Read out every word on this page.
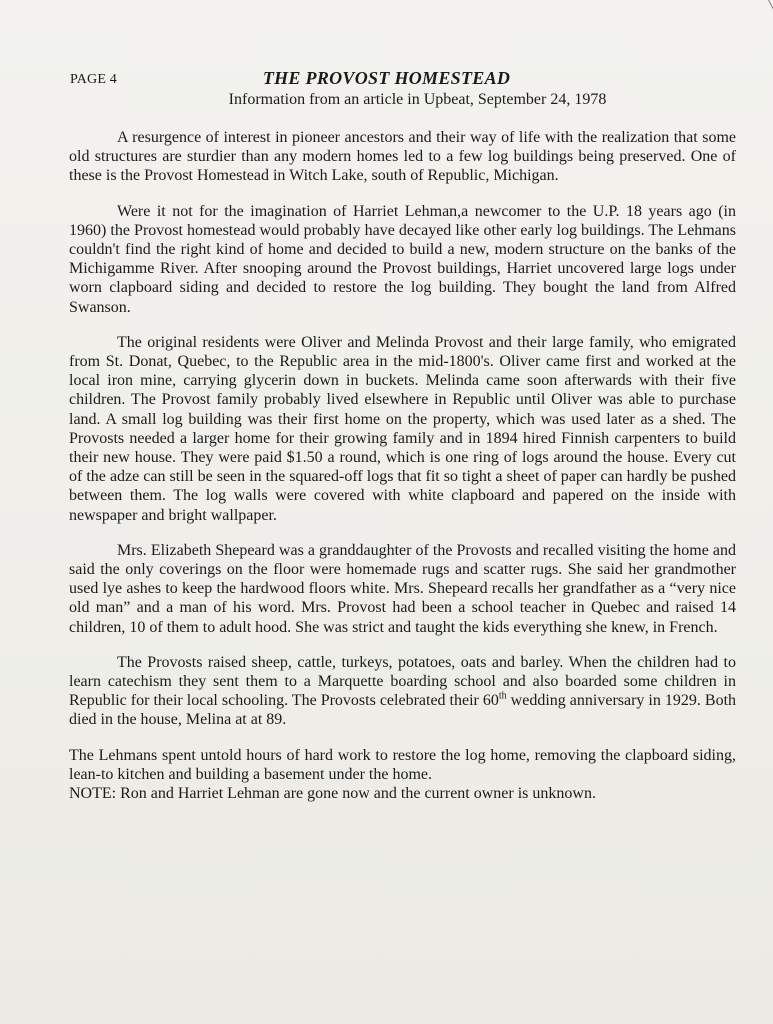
PAGE 4	THE PROVOST HOMESTEAD
Information from an article in Upbeat, September 24, 1978

A resurgence of interest in pioneer ancestors and their way of life with the realization that some old structures are sturdier than any modern homes led to a few log buildings being preserved. One of these is the Provost Homestead in Witch Lake, south of Republic, Michigan.

Were it not for the imagination of Harriet Lehman,a newcomer to the U.P. 18 years ago (in 1960) the Provost homestead would probably have decayed like other early log buildings. The Lehmans couldn't find the right kind of home and decided to build a new, modern structure on the banks of the Michigamme River. After snooping around the Provost buildings, Harriet uncovered large logs under worn clapboard siding and decided to restore the log building. They bought the land from Alfred Swanson.

The original residents were Oliver and Melinda Provost and their large family, who emigrated from St. Donat, Quebec, to the Republic area in the mid-1800's. Oliver came first and worked at the local iron mine, carrying glycerin down in buckets. Melinda came soon afterwards with their five children. The Provost family probably lived elsewhere in Republic until Oliver was able to purchase land. A small log building was their first home on the property, which was used later as a shed. The Provosts needed a larger home for their growing family and in 1894 hired Finnish carpenters to build their new house. They were paid $1.50 a round, which is one ring of logs around the house. Every cut of the adze can still be seen in the squared-off logs that fit so tight a sheet of paper can hardly be pushed between them. The log walls were covered with white clapboard and papered on the inside with newspaper and bright wallpaper.

Mrs. Elizabeth Shepeard was a granddaughter of the Provosts and recalled visiting the home and said the only coverings on the floor were homemade rugs and scatter rugs. She said her grandmother used lye ashes to keep the hardwood floors white. Mrs. Shepeard recalls her grandfather as a “very nice old man” and a man of his word. Mrs. Provost had been a school teacher in Quebec and raised 14 children, 10 of them to adult hood. She was strict and taught the kids everything she knew, in French.

The Provosts raised sheep, cattle, turkeys, potatoes, oats and barley. When the children had to learn catechism they sent them to a Marquette boarding school and also boarded some children in Republic for their local schooling. The Provosts celebrated their 60th wedding anniversary in 1929. Both died in the house, Melina at at 89.

The Lehmans spent untold hours of hard work to restore the log home, removing the clapboard siding, lean-to kitchen and building a basement under the home.

NOTE: Ron and Harriet Lehman are gone now and the current owner is unknown.
